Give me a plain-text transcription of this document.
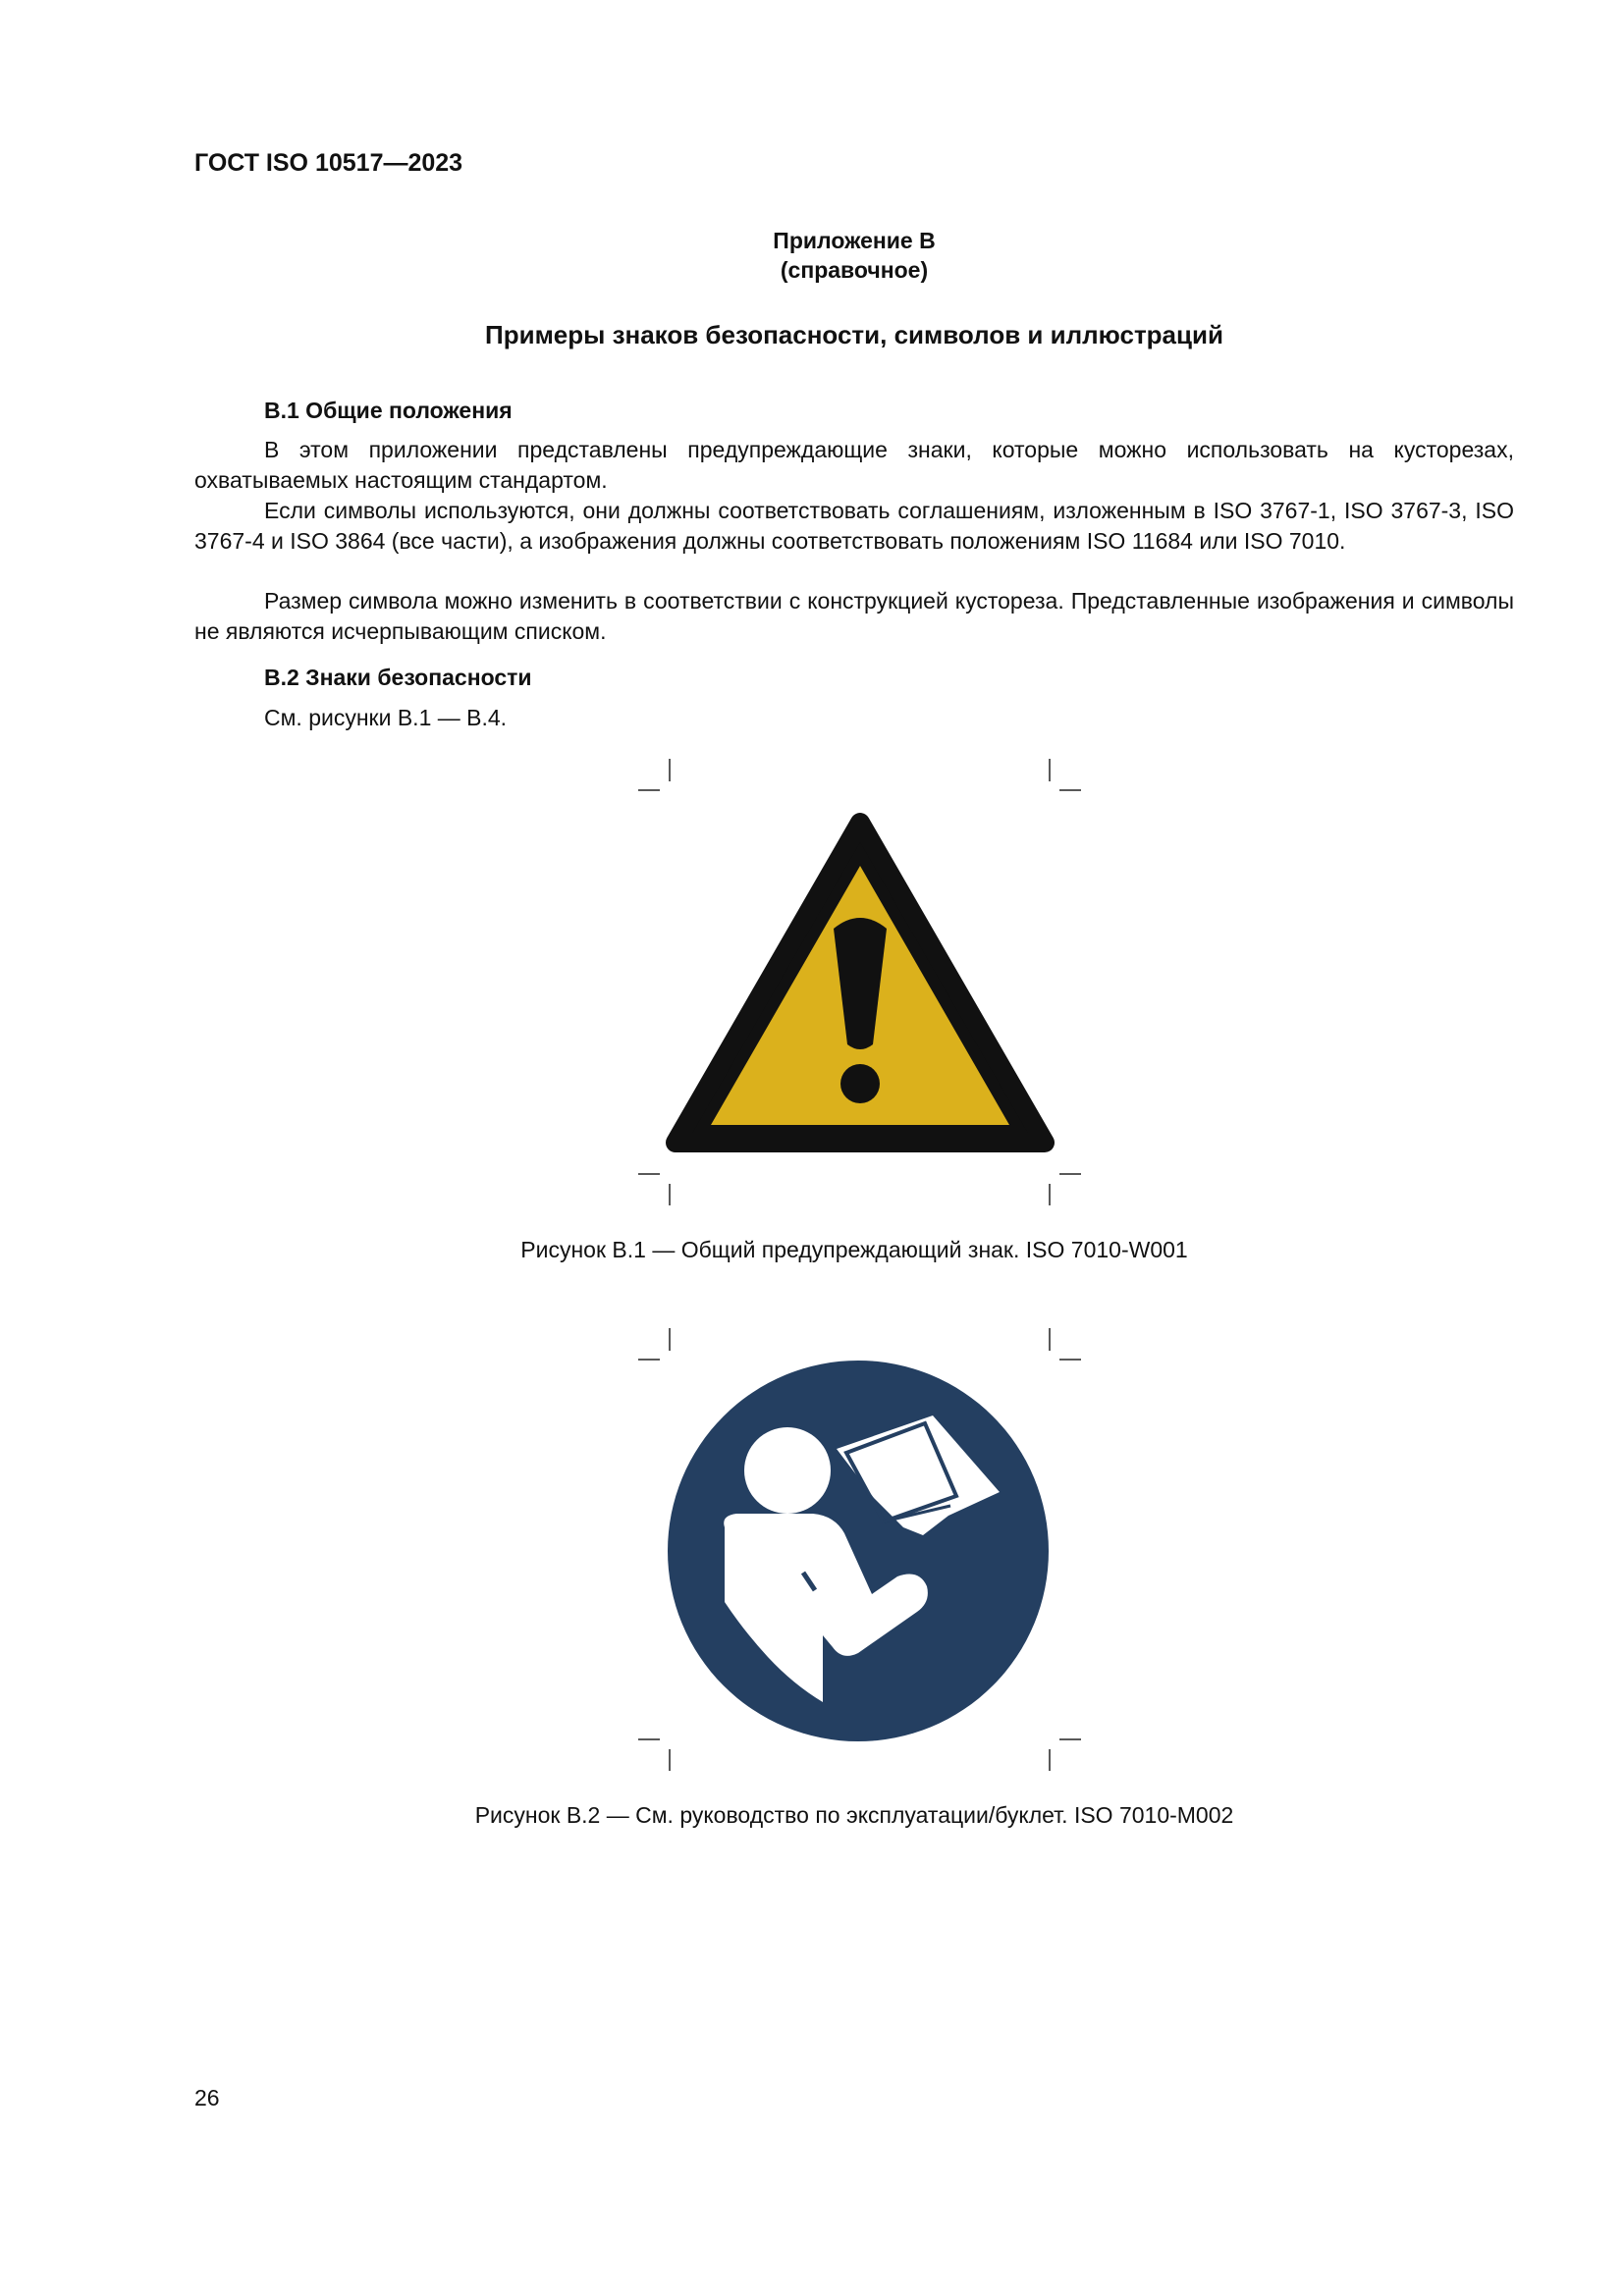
ГОСТ ISO 10517—2023
Приложение В
(справочное)
Примеры знаков безопасности, символов и иллюстраций
В.1 Общие положения

В этом приложении представлены предупреждающие знаки, которые можно использовать на кусторезах, охватываемых настоящим стандартом.

Если символы используются, они должны соответствовать соглашениям, изложенным в ISO 3767-1, ISO 3767-3, ISO 3767-4 и ISO 3864 (все части), а изображения должны соответствовать положениям ISO 11684 или ISO 7010.

Размер символа можно изменить в соответствии с конструкцией кустореза. Представленные изображения и символы не являются исчерпывающим списком.

В.2 Знаки безопасности
См. рисунки В.1 — В.4.
Рисунок В.1 — Общий предупреждающий знак. ISO 7010-W001
Рисунок В.2 — См. руководство по эксплуатации/буклет. ISO 7010-M002
26
